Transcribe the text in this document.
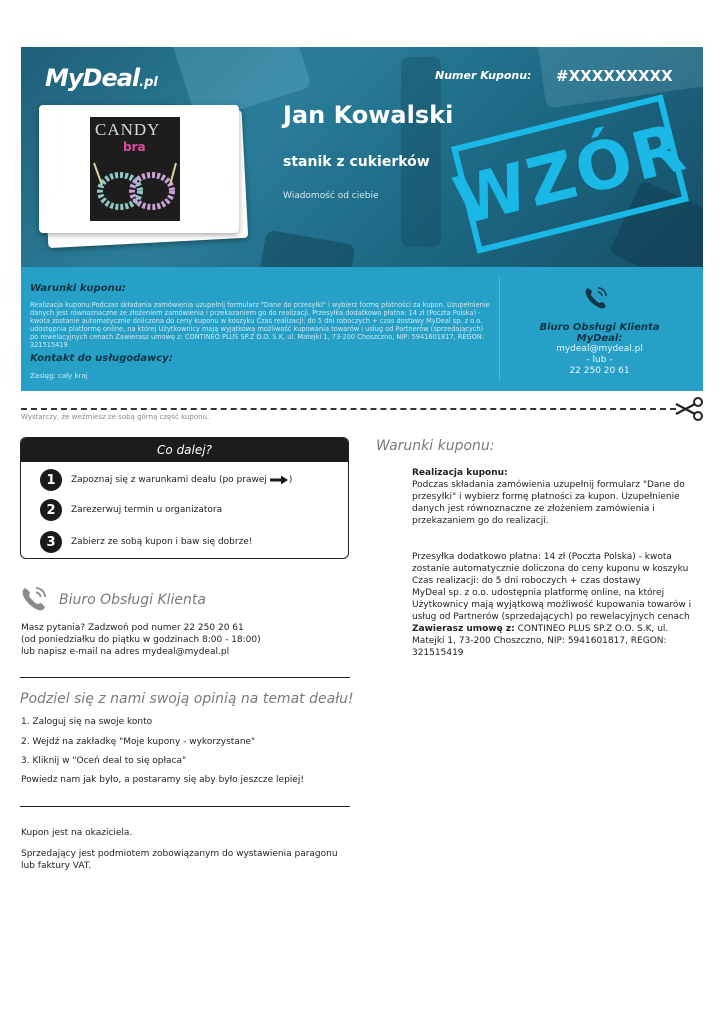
MyDeal.pl	Numer Kuponu: #XXXXXXXXX
CANDY
bra
Jan Kowalski
stanik z cukierków
Wiadomość od ciebie WZÓR
Warunki kuponu:
Realizacja kuponu:Podczas składania zamówienia uzupełnij formularz "Dane do przesyłki" i wybierz formę płatności za kupon. Uzupełnienie danych jest równoznaczne ze złożeniem zamówienia i przekazaniem go do realizacji. Przesyłka dodatkowo płatna: 14 zł (Poczta Polska) - kwota zostanie automatycznie doliczona do ceny kuponu w koszyku Czas realizacji: do 5 dni roboczych + czas dostawy MyDeal sp. z o.o. udostępnia platformę online, na której Użytkownicy mają wyjątkową możliwość kupowania towarów i usług od Partnerów (sprzedających) po rewelacyjnych cenach Zawierasz umowę z: CONTINEO PLUS SP.Z O.O. S.K, ul. Matejki 1, 73-200 Choszczno, NIP: 5941601817, REGON: 321515419
Kontakt do usługodawcy:
Zasięg: cały kraj
Biuro Obsługi Klienta MyDeal:
mydeal@mydeal.pl
- lub -
22 250 20 61
Wystarczy, że weźmiesz ze sobą górną część kuponu.
Co dalej?
1	Zapoznaj się z warunkami deału (po prawej )
2	Zarezerwuj termin u organizatora
3	Zabierz ze sobą kupon i baw się dobrze!
Biuro Obsługi Klienta
Masz pytania? Zadzwoń pod numer 22 250 20 61
(od poniedziałku do piątku w godzinach 8:00 - 18:00)
lub napisz e-mail na adres mydeal@mydeal.pl
Podziel się z nami swoją opinią na temat deału!
1. Zaloguj się na swoje konto
2. Wejdź na zakładkę "Moje kupony - wykorzystane"
3. Kliknij w "Oceń deal to się opłaca"
Powiedz nam jak było, a postaramy się aby było jeszcze lepiej!
Kupon jest na okaziciela.
Sprzedający jest podmiotem zobowiązanym do wystawienia paragonu lub faktury VAT.
Warunki kuponu:

Realizacja kuponu:

Podczas składania zamówienia uzupełnij formularz "Dane do przesyłki" i wybierz formę płatności za kupon. Uzupełnienie danych jest równoznaczne ze złożeniem zamówienia i przekazaniem go do realizacji.

Przesyłka dodatkowo płatna: 14 zł (Poczta Polska) - kwota zostanie automatycznie doliczona do ceny kuponu w koszyku

Czas realizacji: do 5 dni roboczych + czas dostawy

MyDeal sp. z o.o. udostępnia platformę online, na której Użytkownicy mają wyjątkową możliwość kupowania towarów i usług od Partnerów (sprzedających) po rewelacyjnych cenach

Zawierasz umowę z: CONTINEO PLUS SP.Z O.O. S.K, ul. Matejki 1, 73-200 Choszczno, NIP: 5941601817, REGON: 321515419
